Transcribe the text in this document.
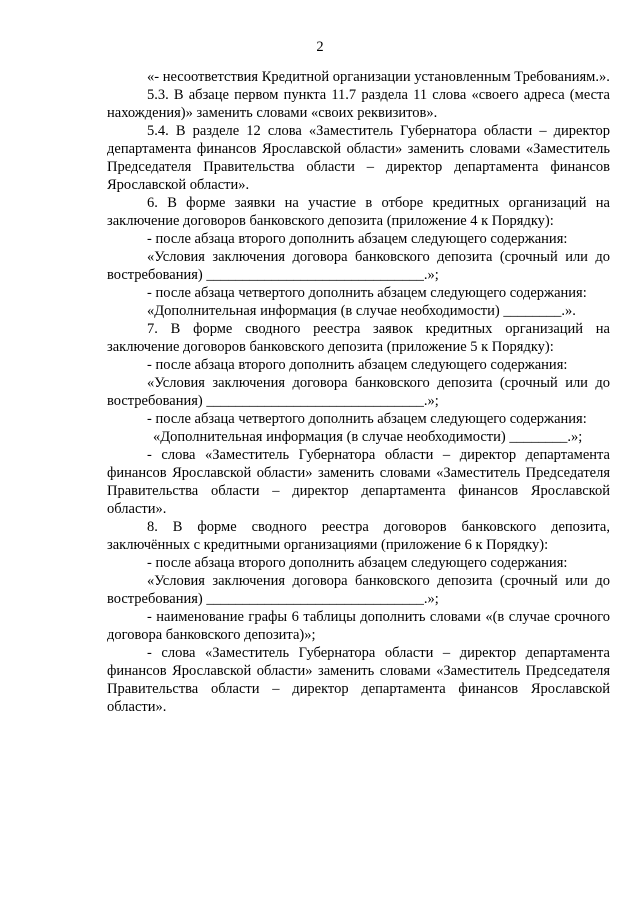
2

«- несоответствия Кредитной организации установленным Требованиям.».

5.3. В абзаце первом пункта 11.7 раздела 11 слова «своего адреса (места нахождения)» заменить словами «своих реквизитов».

5.4. В разделе 12 слова «Заместитель Губернатора области – директор департамента финансов Ярославской области» заменить словами «Заместитель Председателя Правительства области – директор департамента финансов Ярославской области».

6. В форме заявки на участие в отборе кредитных организаций на заключение договоров банковского депозита (приложение 4 к Порядку):

- после абзаца второго дополнить абзацем следующего содержания:

«Условия заключения договора банковского депозита (срочный или до востребования) ______________________________.»;

- после абзаца четвертого дополнить абзацем следующего содержания:

«Дополнительная информация (в случае необходимости) ________.».

7. В форме сводного реестра заявок кредитных организаций на заключение договоров банковского депозита (приложение 5 к Порядку):

- после абзаца второго дополнить абзацем следующего содержания:

«Условия заключения договора банковского депозита (срочный или до востребования) ______________________________.»;

- после абзаца четвертого дополнить абзацем следующего содержания:

«Дополнительная информация (в случае необходимости) ________.»;

- слова «Заместитель Губернатора области – директор департамента финансов Ярославской области» заменить словами «Заместитель Председателя Правительства области – директор департамента финансов Ярославской области».

8. В форме сводного реестра договоров банковского депозита, заключённых с кредитными организациями (приложение 6 к Порядку):

- после абзаца второго дополнить абзацем следующего содержания:

«Условия заключения договора банковского депозита (срочный или до востребования) ______________________________.»;

- наименование графы 6 таблицы дополнить словами «(в случае срочного договора банковского депозита)»;

- слова «Заместитель Губернатора области – директор департамента финансов Ярославской области» заменить словами «Заместитель Председателя Правительства области – директор департамента финансов Ярославской области».
